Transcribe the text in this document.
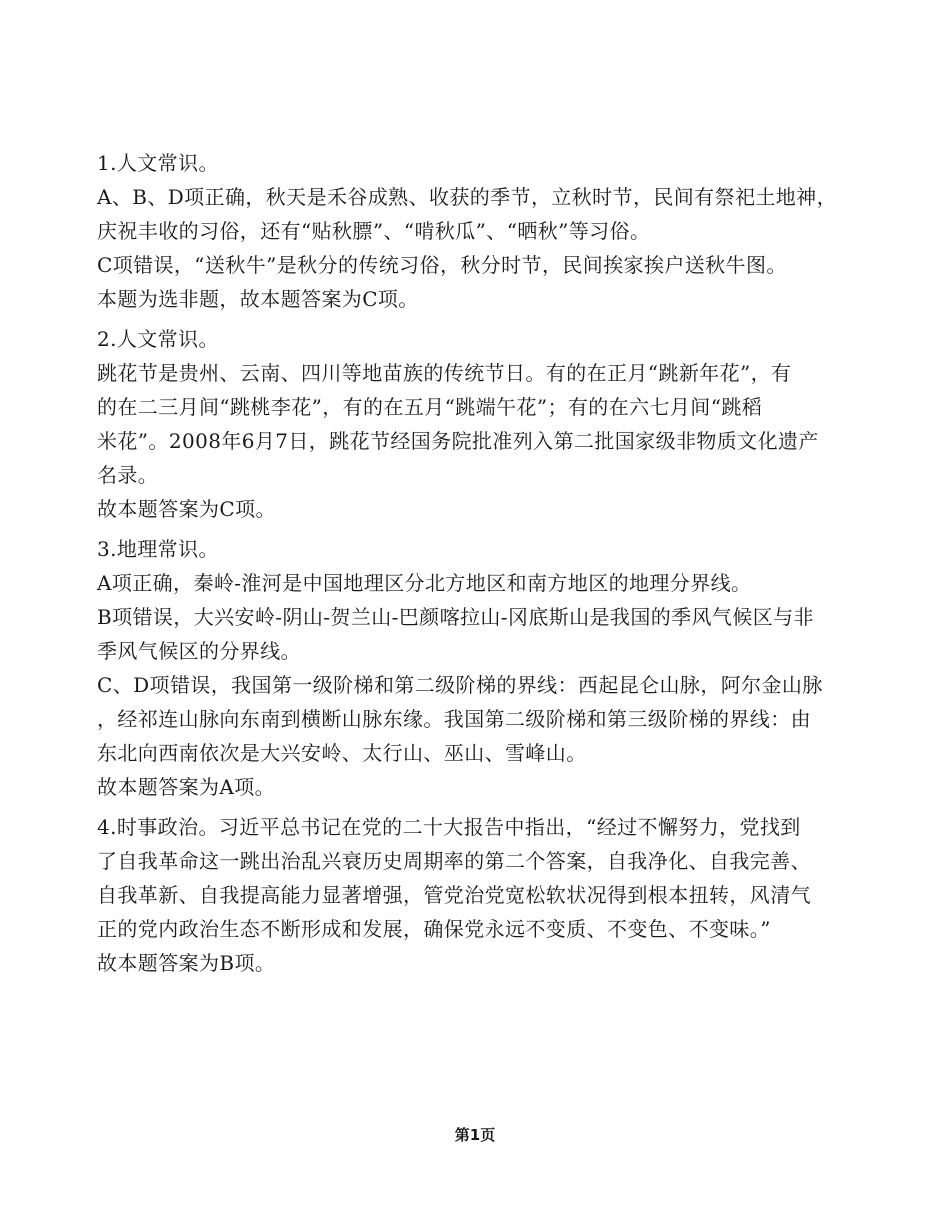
1.人文常识。
A、B、D项正确，秋天是禾谷成熟、收获的季节，立秋时节，民间有祭祀土地神，
庆祝丰收的习俗，还有“贴秋膘”、“啃秋瓜”、“晒秋”等习俗。
C项错误，“送秋牛”是秋分的传统习俗，秋分时节，民间挨家挨户送秋牛图。
本题为选非题，故本题答案为C项。
2.人文常识。
跳花节是贵州、云南、四川等地苗族的传统节日。有的在正月“跳新年花”，有
的在二三月间“跳桃李花”，有的在五月“跳端午花”；有的在六七月间“跳稻
米花”。2008年6月7日，跳花节经国务院批准列入第二批国家级非物质文化遗产
名录。
故本题答案为C项。
3.地理常识。
A项正确，秦岭-淮河是中国地理区分北方地区和南方地区的地理分界线。
B项错误，大兴安岭-阴山-贺兰山-巴颜喀拉山-冈底斯山是我国的季风气候区与非
季风气候区的分界线。
C、D项错误，我国第一级阶梯和第二级阶梯的界线：西起昆仑山脉，阿尔金山脉
，经祁连山脉向东南到横断山脉东缘。我国第二级阶梯和第三级阶梯的界线：由
东北向西南依次是大兴安岭、太行山、巫山、雪峰山。
故本题答案为A项。
4.时事政治。习近平总书记在党的二十大报告中指出，“经过不懈努力，党找到
了自我革命这一跳出治乱兴衰历史周期率的第二个答案，自我净化、自我完善、
自我革新、自我提高能力显著增强，管党治党宽松软状况得到根本扭转，风清气
正的党内政治生态不断形成和发展，确保党永远不变质、不变色、不变味。”
故本题答案为B项。
第1页
